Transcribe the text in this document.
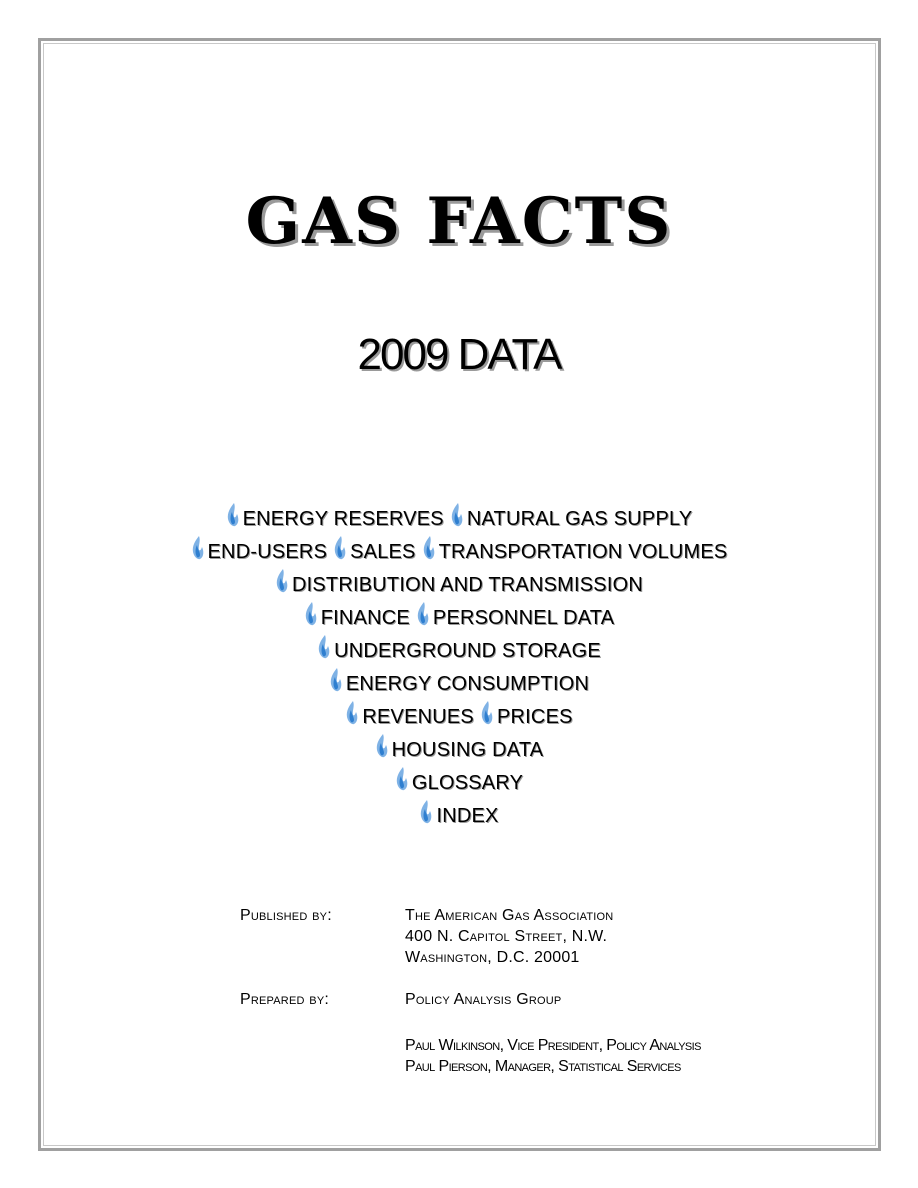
GAS FACTS
2009 DATA
ENERGY RESERVES NATURAL GAS SUPPLY
END-USERS SALES TRANSPORTATION VOLUMES
DISTRIBUTION AND TRANSMISSION
FINANCE PERSONNEL DATA
UNDERGROUND STORAGE
ENERGY CONSUMPTION
REVENUES PRICES
HOUSING DATA
GLOSSARY
INDEX
Published by:	The American Gas Association
400 N. Capitol Street, N.W.
Washington, D.C. 20001
Prepared by:	Policy Analysis Group
Paul Wilkinson, Vice President, Policy Analysis
Paul Pierson, Manager, Statistical Services
